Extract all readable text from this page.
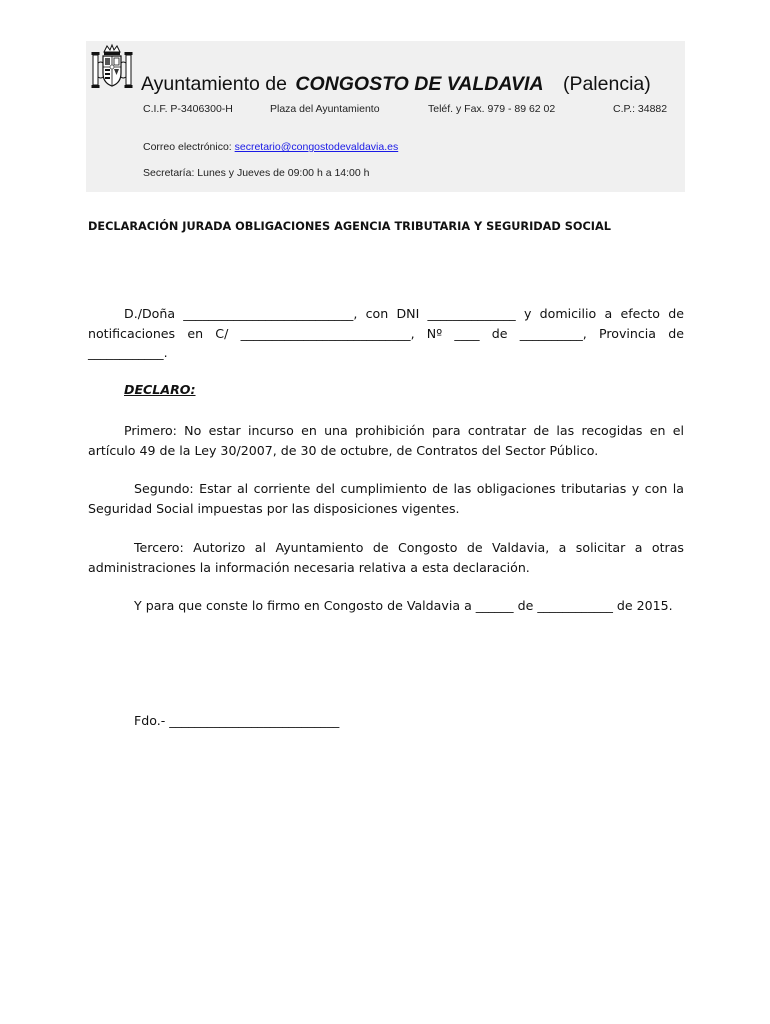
Ayuntamiento de CONGOSTO DE VALDAVIA (Palencia)
C.I.F. P-3406300-H	Plaza del Ayuntamiento	Teléf. y Fax. 979 - 89 62 02	C.P.: 34882
Correo electrónico: secretario@congostodevaldavia.es
Secretaría: Lunes y Jueves de 09:00 h a 14:00 h
DECLARACIÓN JURADA OBLIGACIONES AGENCIA TRIBUTARIA Y SEGURIDAD SOCIAL
D./Doña ___________________________, con DNI ______________ y domicilio a efecto de notificaciones en C/ ___________________________, Nº ____ de __________, Provincia de ____________.
DECLARO:
Primero: No estar incurso en una prohibición para contratar de las recogidas en el artículo 49 de la Ley 30/2007, de 30 de octubre, de Contratos del Sector Público.
Segundo: Estar al corriente del cumplimiento de las obligaciones tributarias y con la Seguridad Social impuestas por las disposiciones vigentes.
Tercero: Autorizo al Ayuntamiento de Congosto de Valdavia, a solicitar a otras administraciones la información necesaria relativa a esta declaración.
Y para que conste lo firmo en Congosto de Valdavia a ______ de ____________ de 2015.
Fdo.- ___________________________
